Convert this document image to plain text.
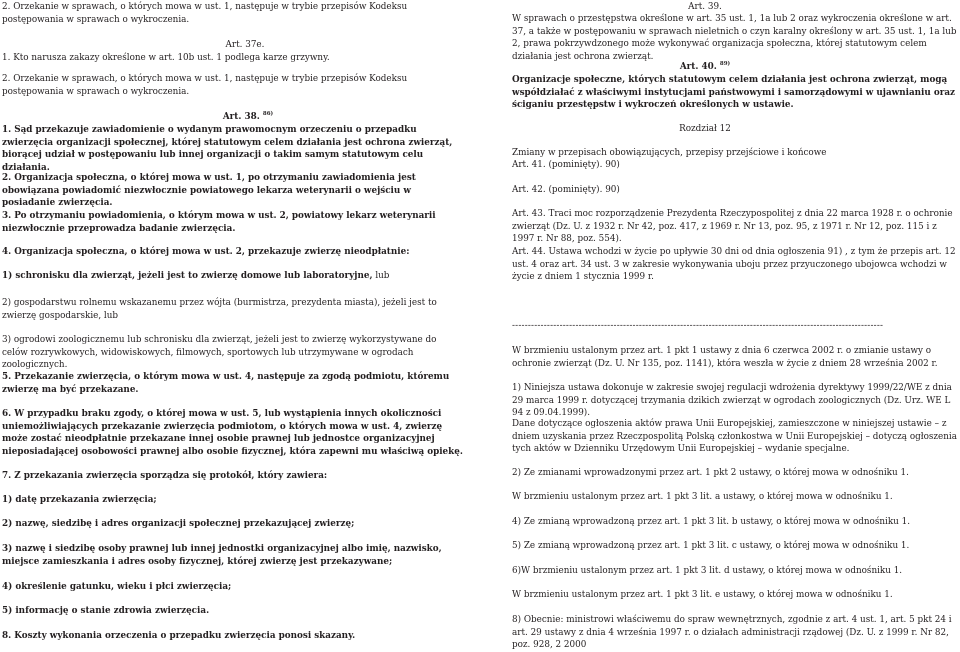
2. Orzekanie w sprawach, o których mowa w ust. 1, następuje w trybie przepisów Kodeksu postępowania w sprawach o wykroczenia.

Art. 37e.

1. Kto narusza zakazy określone w art. 10b ust. 1 podlega karze grzywny.

2. Orzekanie w sprawach, o których mowa w ust. 1, następuje w trybie przepisów Kodeksu postępowania w sprawach o wykroczenia.

Art. 38. $^{86)}$

1. Sąd przekazuje zawiadomienie o wydanym prawomocnym orzeczeniu o przepadku zwierzęcia organizacji społecznej, której statutowym celem działania jest ochrona zwierząt, biorącej udział w postępowaniu lub innej organizacji o takim samym statutowym celu działania.

2. Organizacja społeczna, o której mowa w ust. 1, po otrzymaniu zawiadomienia jest obowiązana powiadomić niezwłocznie powiatowego lekarza weterynarii o wejściu w posiadanie zwierzęcia.

3. Po otrzymaniu powiadomienia, o którym mowa w ust. 2, powiatowy lekarz weterynarii niezwłocznie przeprowadza badanie zwierzęcia.

4. Organizacja społeczna, o której mowa w ust. 2, przekazuje zwierzę nieodpłatnie:

1) schronisku dla zwierząt, jeżeli jest to zwierzę domowe lub laboratoryjne, lub

2) gospodarstwu rolnemu wskazanemu przez wójta (burmistrza, prezydenta miasta), jeżeli jest to zwierzę gospodarskie, lub

3) ogrodowi zoologicznemu lub schronisku dla zwierząt, jeżeli jest to zwierzę wykorzystywane do celów rozrywkowych, widowiskowych, filmowych, sportowych lub utrzymywane w ogrodach zoologicznych.

5. Przekazanie zwierzęcia, o którym mowa w ust. 4, następuje za zgodą podmiotu, któremu zwierzę ma być przekazane.

6. W przypadku braku zgody, o której mowa w ust. 5, lub wystąpienia innych okoliczności uniemożliwiających przekazanie zwierzęcia podmiotom, o których mowa w ust. 4, zwierzę może zostać nieodpłatnie przekazane innej osobie prawnej lub jednostce organizacyjnej nieposiadającej osobowości prawnej albo osobie fizycznej, która zapewni mu właściwą opiekę.

7. Z przekazania zwierzęcia sporządza się protokół, który zawiera:

1) datę przekazania zwierzęcia;

2) nazwę, siedzibę i adres organizacji społecznej przekazującej zwierzę;

3) nazwę i siedzibę osoby prawnej lub innej jednostki organizacyjnej albo imię, nazwisko, miejsce zamieszkania i adres osoby fizycznej, której zwierzę jest przekazywane;

4) określenie gatunku, wieku i płci zwierzęcia;

5) informację o stanie zdrowia zwierzęcia.

8. Koszty wykonania orzeczenia o przepadku zwierzęcia ponosi skazany.

Art. 39.

W sprawach o przestępstwa określone w art. 35 ust. 1, 1a lub 2 oraz wykroczenia określone w art. 37, a także w postępowaniu w sprawach nieletnich o czyn karalny określony w art. 35 ust. 1, 1a lub 2, prawa pokrzywdzonego może wykonywać organizacja społeczna, której statutowym celem działania jest ochrona zwierząt.

Art. 40. $^{89)}$

Organizacje społeczne, których statutowym celem działania jest ochrona zwierząt, mogą współdziałać z właściwymi instytucjami państwowymi i samorządowymi w ujawnianiu oraz ściganiu przestępstw i wykroczeń określonych w ustawie.

Rozdział 12

Zmiany w przepisach obowiązujących, przepisy przejściowe i końcowe

Art. 41. (pominięty). 90)

Art. 42. (pominięty). 90)

Art. 43. Traci moc rozporządzenie Prezydenta Rzeczypospolitej z dnia 22 marca 1928 r. o ochronie zwierząt (Dz. U. z 1932 r. Nr 42, poz. 417, z 1969 r. Nr 13, poz. 95, z 1971 r. Nr 12, poz. 115 i z 1997 r. Nr 88, poz. 554).

Art. 44. Ustawa wchodzi w życie po upływie 30 dni od dnia ogłoszenia 91) , z tym że przepis art. 12 ust. 4 oraz art. 34 ust. 3 w zakresie wykonywania uboju przez przyuczonego ubojowca wchodzi w życie z dniem 1 stycznia 1999 r.

---------------------------------------------------------------------------------------------------------------------

W brzmieniu ustalonym przez art. 1 pkt 1 ustawy z dnia 6 czerwca 2002 r. o zmianie ustawy o ochronie zwierząt (Dz. U. Nr 135, poz. 1141), która weszła w życie z dniem 28 września 2002 r.

1) Niniejsza ustawa dokonuje w zakresie swojej regulacji wdrożenia dyrektywy 1999/22/WE z dnia 29 marca 1999 r. dotyczącej trzymania dzikich zwierząt w ogrodach zoologicznych (Dz. Urz. WE L 94 z 09.04.1999).

Dane dotyczące ogłoszenia aktów prawa Unii Europejskiej, zamieszczone w niniejszej ustawie – z dniem uzyskania przez Rzeczpospolitą Polską członkostwa w Unii Europejskiej – dotyczą ogłoszenia tych aktów w Dzienniku Urzędowym Unii Europejskiej – wydanie specjalne.

2) Ze zmianami wprowadzonymi przez art. 1 pkt 2 ustawy, o której mowa w odnośniku 1.

W brzmieniu ustalonym przez art. 1 pkt 3 lit. a ustawy, o której mowa w odnośniku 1.

4) Ze zmianą wprowadzoną przez art. 1 pkt 3 lit. b ustawy, o której mowa w odnośniku 1.

5) Ze zmianą wprowadzoną przez art. 1 pkt 3 lit. c ustawy, o której mowa w odnośniku 1.

6)W brzmieniu ustalonym przez art. 1 pkt 3 lit. d ustawy, o której mowa w odnośniku 1.

W brzmieniu ustalonym przez art. 1 pkt 3 lit. e ustawy, o której mowa w odnośniku 1.

8) Obecnie: ministrowi właściwemu do spraw wewnętrznych, zgodnie z art. 4 ust. 1, art. 5 pkt 24 i art. 29 ustawy z dnia 4 września 1997 r. o działach administracji rządowej (Dz. U. z 1999 r. Nr 82, poz. 928, 2 2000
